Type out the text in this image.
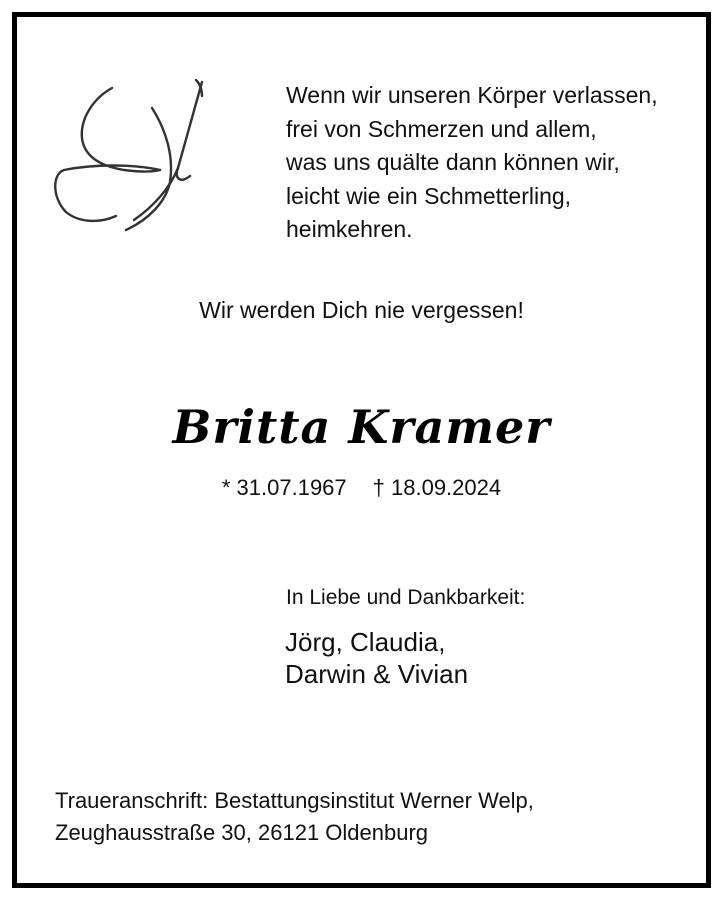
Wenn wir unseren Körper verlassen,
frei von Schmerzen und allem,
was uns quälte dann können wir,
leicht wie ein Schmetterling,
heimkehren.
Wir werden Dich nie vergessen!
Britta Kramer
* 31.07.1967 † 18.09.2024
In Liebe und Dankbarkeit:
Jörg, Claudia,
Darwin & Vivian
Traueranschrift: Bestattungsinstitut Werner Welp,
Zeughausstraße 30, 26121 Oldenburg
